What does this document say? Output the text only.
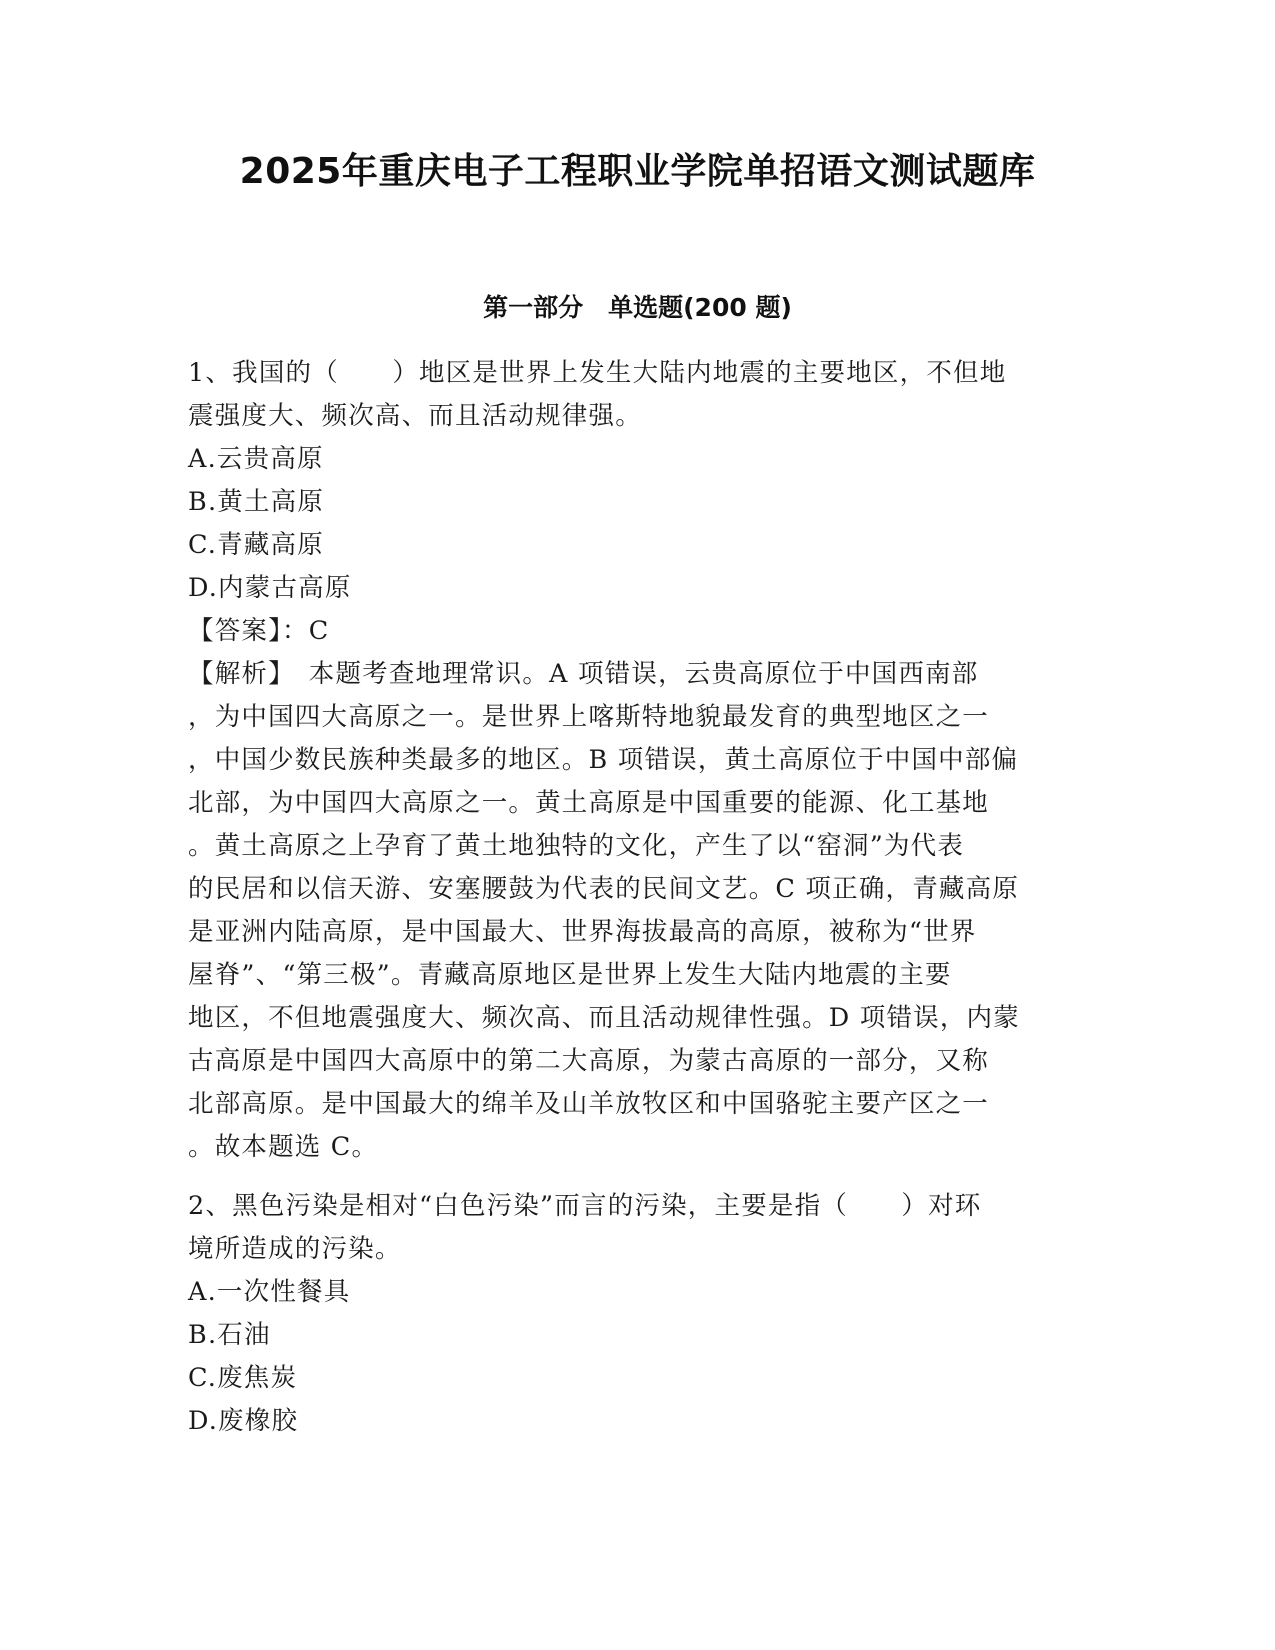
2025年重庆电子工程职业学院单招语文测试题库
第一部分　单选题(200 题)
1、我国的（　　）地区是世界上发生大陆内地震的主要地区，不但地
震强度大、频次高、而且活动规律强。
A.云贵高原
B.黄土高原
C.青藏高原
D.内蒙古高原
【答案】：C
【解析】　本题考查地理常识。A 项错误，云贵高原位于中国西南部
，为中国四大高原之一。是世界上喀斯特地貌最发育的典型地区之一
，中国少数民族种类最多的地区。B 项错误，黄土高原位于中国中部偏
北部，为中国四大高原之一。黄土高原是中国重要的能源、化工基地
。黄土高原之上孕育了黄土地独特的文化，产生了以“窑洞”为代表
的民居和以信天游、安塞腰鼓为代表的民间文艺。C 项正确，青藏高原
是亚洲内陆高原，是中国最大、世界海拔最高的高原，被称为“世界
屋脊”、“第三极”。青藏高原地区是世界上发生大陆内地震的主要
地区，不但地震强度大、频次高、而且活动规律性强。D 项错误，内蒙
古高原是中国四大高原中的第二大高原，为蒙古高原的一部分，又称
北部高原。是中国最大的绵羊及山羊放牧区和中国骆驼主要产区之一
。故本题选 C。
2、黑色污染是相对“白色污染”而言的污染，主要是指（　　）对环
境所造成的污染。
A.一次性餐具
B.石油
C.废焦炭
D.废橡胶
